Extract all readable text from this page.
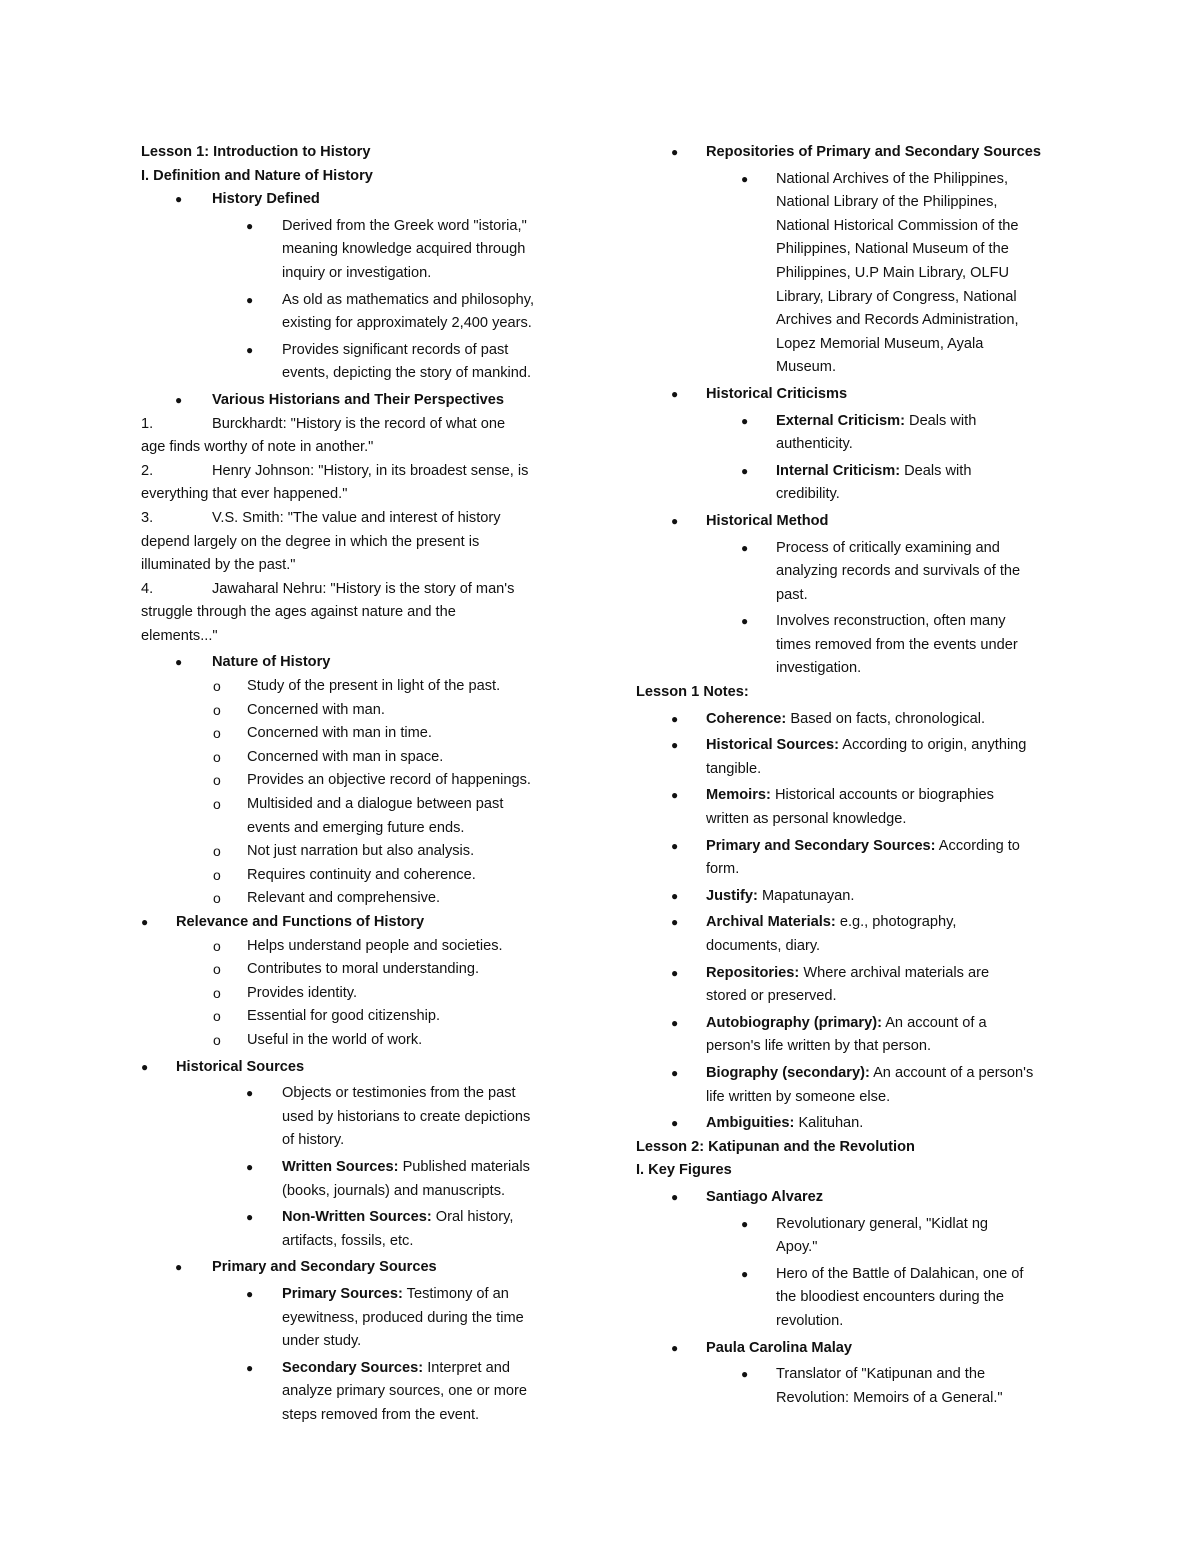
Lesson 1: Introduction to History
I. Definition and Nature of History
● History Defined
● Derived from the Greek word "istoria,"
meaning knowledge acquired through
inquiry or investigation.
● As old as mathematics and philosophy,
existing for approximately 2,400 years.
● Provides significant records of past
events, depicting the story of mankind.
● Various Historians and Their Perspectives
1.	Burckhardt: "History is the record of what one
age finds worthy of note in another."
2.	Henry Johnson: "History, in its broadest sense, is
everything that ever happened."
3.	V.S. Smith: "The value and interest of history
depend largely on the degree in which the present is
illuminated by the past."
4.	Jawaharal Nehru: "History is the story of man's
struggle through the ages against nature and the
elements..."
● Nature of History
o Study of the present in light of the past.
o Concerned with man.
o Concerned with man in time.
o Concerned with man in space.
o Provides an objective record of happenings.
o Multisided and a dialogue between past
events and emerging future ends.
o Not just narration but also analysis.
o Requires continuity and coherence.
o Relevant and comprehensive.
● Relevance and Functions of History
o Helps understand people and societies.
o Contributes to moral understanding.
o Provides identity.
o Essential for good citizenship.
o Useful in the world of work.
● Historical Sources
● Objects or testimonies from the past
used by historians to create depictions
of history.
● Written Sources: Published materials
(books, journals) and manuscripts.
● Non-Written Sources: Oral history,
artifacts, fossils, etc.
● Primary and Secondary Sources
● Primary Sources: Testimony of an
eyewitness, produced during the time
under study.
● Secondary Sources: Interpret and
analyze primary sources, one or more
steps removed from the event.
● Repositories of Primary and Secondary Sources
● National Archives of the Philippines,
National Library of the Philippines,
National Historical Commission of the
Philippines, National Museum of the
Philippines, U.P Main Library, OLFU
Library, Library of Congress, National
Archives and Records Administration,
Lopez Memorial Museum, Ayala
Museum.
● Historical Criticisms
● External Criticism: Deals with
authenticity.
● Internal Criticism: Deals with
credibility.
● Historical Method
● Process of critically examining and
analyzing records and survivals of the
past.
● Involves reconstruction, often many
times removed from the events under
investigation.
Lesson 1 Notes:
● Coherence: Based on facts, chronological.
● Historical Sources: According to origin, anything
tangible.
● Memoirs: Historical accounts or biographies
written as personal knowledge.
● Primary and Secondary Sources: According to
form.
● Justify: Mapatunayan.
● Archival Materials: e.g., photography,
documents, diary.
● Repositories: Where archival materials are
stored or preserved.
● Autobiography (primary): An account of a
person's life written by that person.
● Biography (secondary): An account of a person's
life written by someone else.
● Ambiguities: Kalituhan.
Lesson 2: Katipunan and the Revolution
I. Key Figures
● Santiago Alvarez
● Revolutionary general, "Kidlat ng
Apoy."
● Hero of the Battle of Dalahican, one of
the bloodiest encounters during the
revolution.
● Paula Carolina Malay
● Translator of "Katipunan and the
Revolution: Memoirs of a General."
